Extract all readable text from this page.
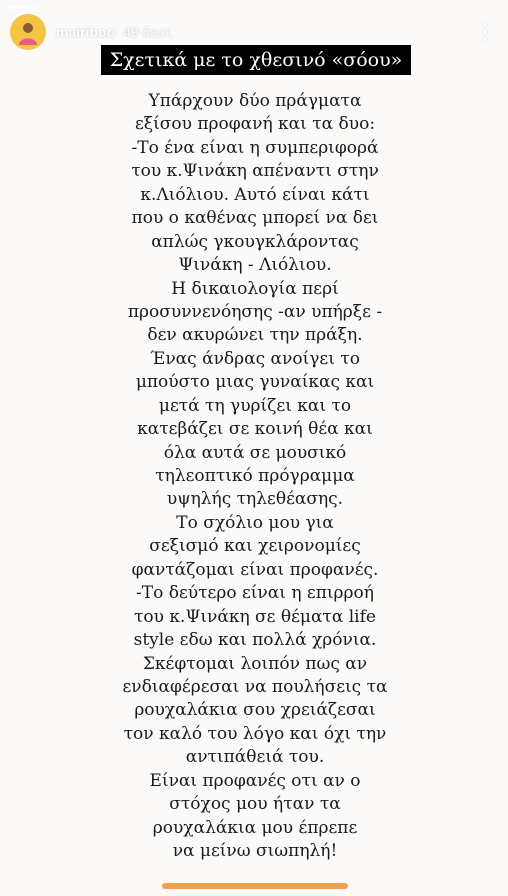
mairiboo 49 δευτ.
Σχετικά με το χθεσινό «σόου»
Υπάρχουν δύο πράγματα
εξίσου προφανή και τα δυο:
-Το ένα είναι η συμπεριφορά
του κ.Ψινάκη απέναντι στην
κ.Λιόλιου. Αυτό είναι κάτι
που ο καθένας μπορεί να δει
απλώς γκουγκλάροντας
Ψινάκη - Λιόλιου.
Η δικαιολογία περί
προσυννενόησης -αν υπήρξε -
δεν ακυρώνει την πράξη.
Ένας άνδρας ανοίγει το
μπούστο μιας γυναίκας και
μετά τη γυρίζει και το
κατεβάζει σε κοινή θέα και
όλα αυτά σε μουσικό
τηλεοπτικό πρόγραμμα
υψηλής τηλεθέασης.
Το σχόλιο μου για
σεξισμό και χειρονομίες
φαντάζομαι είναι προφανές.
-Το δεύτερο είναι η επιρροή
του κ.Ψινάκη σε θέματα life
style εδω και πολλά χρόνια.
Σκέφτομαι λοιπόν πως αν
ενδιαφέρεσαι να πουλήσεις τα
ρουχαλάκια σου χρειάζεσαι
τον καλό του λόγο και όχι την
αντιπάθειά του.
Είναι προφανές οτι αν ο
στόχος μου ήταν τα
ρουχαλάκια μου έπρεπε
να μείνω σιωπηλή!
